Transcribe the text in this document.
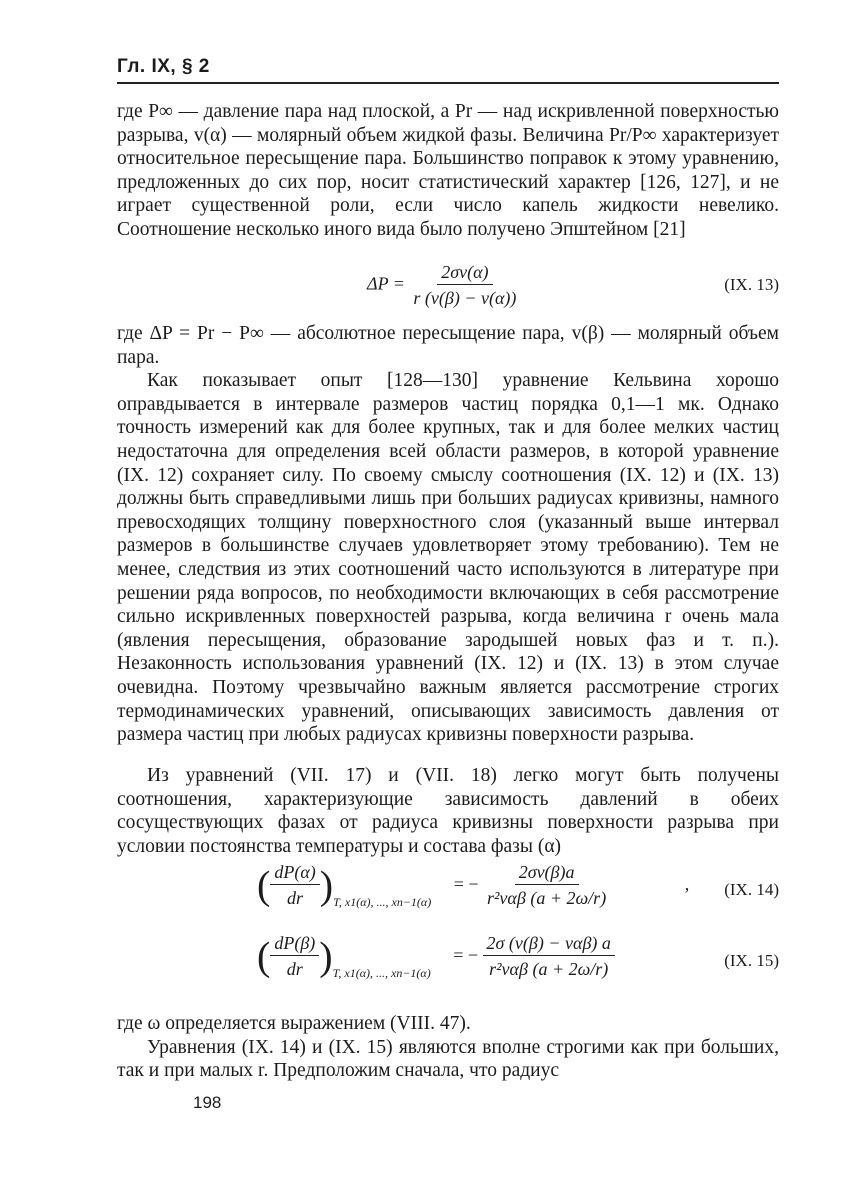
Гл. IX, § 2

где P∞ — давление пара над плоской, а Pr — над искривленной поверхностью разрыва, v(α) — молярный объем жидкой фазы. Величина Pr/P∞ характеризует относительное пересыщение пара. Большинство поправок к этому уравнению, предложенных до сих пор, носит статистический характер [126, 127], и не играет существенной роли, если число капель жидкости невелико. Соотношение несколько иного вида было получено Эпштейном [21]

$\Delta P = \frac{2\sigma v(\alpha)}{r (v(\beta) - v(\alpha))}$	(IX. 13)

где ΔP = Pr − P∞ — абсолютное пересыщение пара, v(β) — молярный объем пара.

Как показывает опыт [128—130] уравнение Кельвина хорошо оправдывается в интервале размеров частиц порядка 0,1—1 мк. Однако точность измерений как для более крупных, так и для более мелких частиц недостаточна для определения всей области размеров, в которой уравнение (IX. 12) сохраняет силу. По своему смыслу соотношения (IX. 12) и (IX. 13) должны быть справедливыми лишь при больших радиусах кривизны, намного превосходящих толщину поверхностного слоя (указанный выше интервал размеров в большинстве случаев удовлетворяет этому требованию). Тем не менее, следствия из этих соотношений часто используются в литературе при решении ряда вопросов, по необходимости включающих в себя рассмотрение сильно искривленных поверхностей разрыва, когда величина r очень мала (явления пересыщения, образование зародышей новых фаз и т. п.). Незаконность использования уравнений (IX. 12) и (IX. 13) в этом случае очевидна. Поэтому чрезвычайно важным является рассмотрение строгих термодинамических уравнений, описывающих зависимость давления от размера частиц при любых радиусах кривизны поверхности разрыва.

Из уравнений (VII. 17) и (VII. 18) легко могут быть получены соотношения, характеризующие зависимость давлений в обеих сосуществующих фазах от радиуса кривизны поверхности разрыва при условии постоянства температуры и состава фазы (α)

( $\frac{dP(\alpha)}{dr} )_{T, x1(\alpha), ..., xn-1(\alpha)}$ = − $\frac{2\sigma v(\beta)a}{\text{r²vαβ (a + 2ω/r)}}$	, (IX. 14)
( $\frac{dP(\beta)}{dr} )_{T, x1(\alpha), ..., xn-1(\alpha)}$ = − $\frac{\text{2σ (v(β) − vαβ) a}}{\text{r²vαβ (a + 2ω/r)}}$	(IX. 15)

где ω определяется выражением (VIII. 47).

Уравнения (IX. 14) и (IX. 15) являются вполне строгими как при больших, так и при малых r. Предположим сначала, что радиус

198
